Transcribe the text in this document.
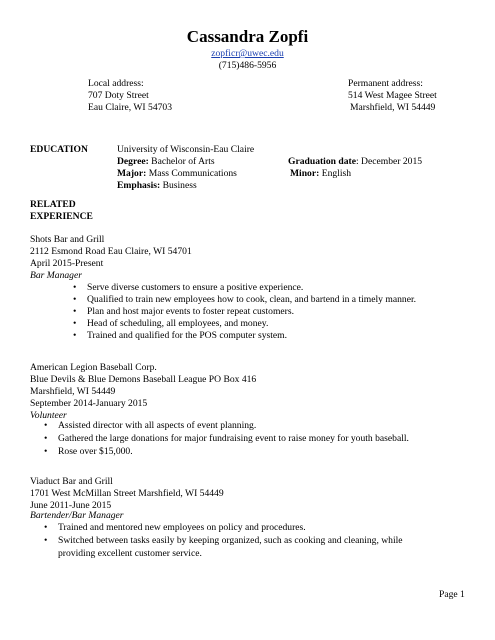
Cassandra Zopfi
zopficr@uwec.edu
(715)486-5956
Local address:
707 Doty Street
Eau Claire, WI 54703
Permanent address:
514 West Magee Street
Marshfield, WI 54449
EDUCATION	University of Wisconsin-Eau Claire
Degree: Bachelor of Arts
Major: Mass Communications
Emphasis: Business
Graduation date: December 2015
Minor: English
RELATED
EXPERIENCE
Shots Bar and Grill
2112 Esmond Road Eau Claire, WI 54701
April 2015-Present
Bar Manager
• Serve diverse customers to ensure a positive experience.
• Qualified to train new employees how to cook, clean, and bartend in a timely manner.
• Plan and host major events to foster repeat customers.
• Head of scheduling, all employees, and money.
• Trained and qualified for the POS computer system.
American Legion Baseball Corp.
Blue Devils & Blue Demons Baseball League PO Box 416
Marshfield, WI 54449
September 2014-January 2015
Volunteer
• Assisted director with all aspects of event planning.
• Gathered the large donations for major fundraising event to raise money for youth baseball.
• Rose over $15,000.
Viaduct Bar and Grill
1701 West McMillan Street Marshfield, WI 54449
June 2011-June 2015
Bartender/Bar Manager
• Trained and mentored new employees on policy and procedures.
• Switched between tasks easily by keeping organized, such as cooking and cleaning, while
providing excellent customer service.
Page 1
